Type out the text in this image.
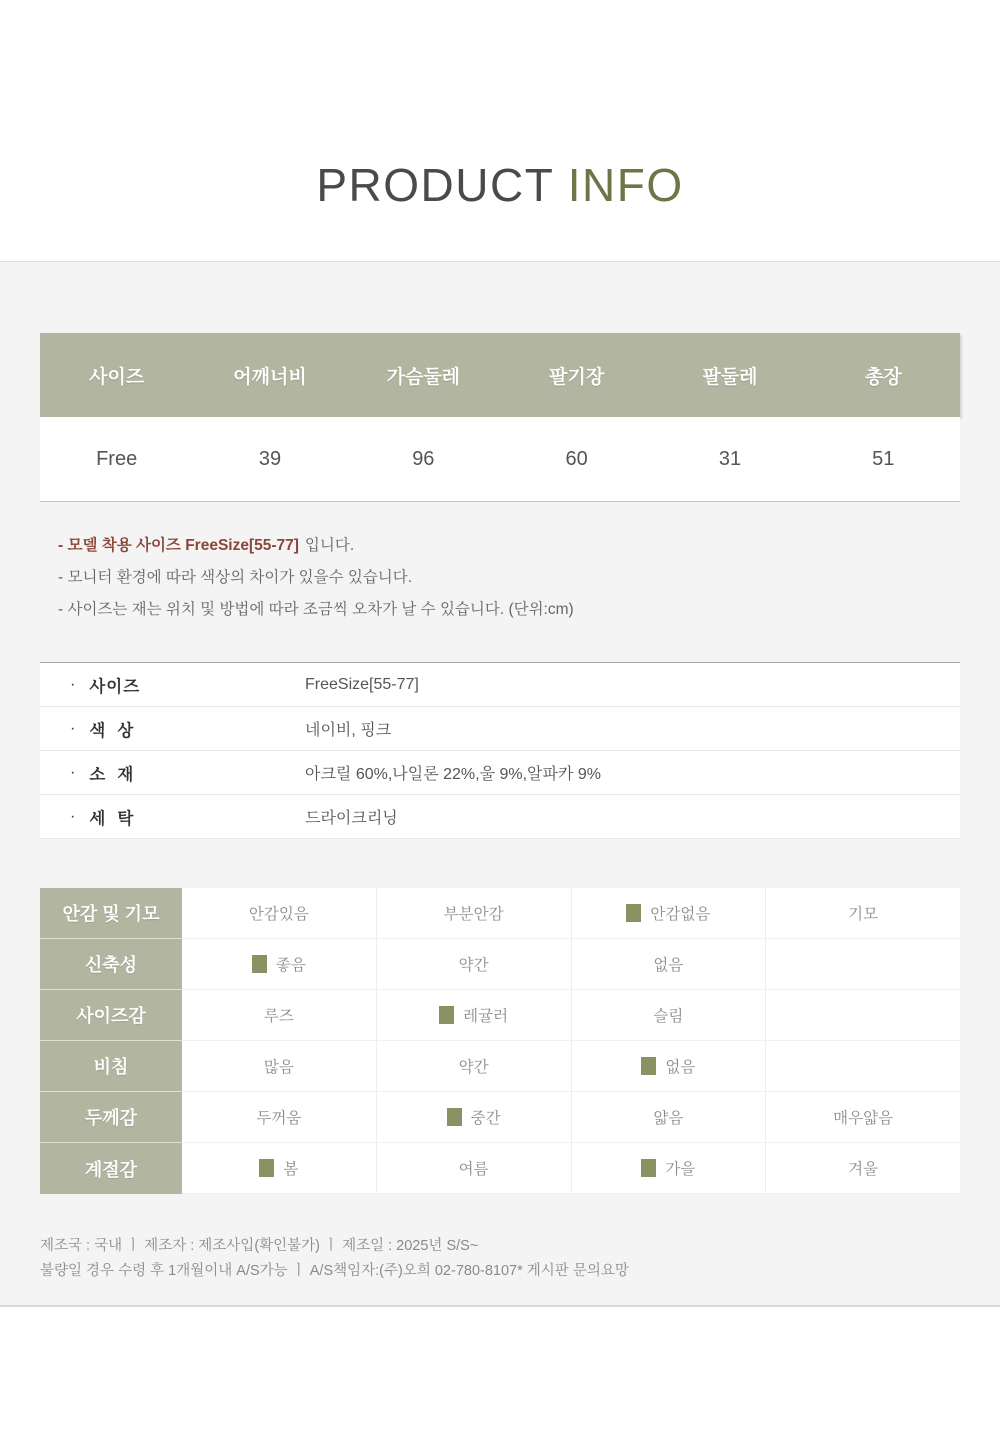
PRODUCT INFO
사이즈	어깨너비	가슴둘레	팔기장	팔둘레	총장
Free	39	96	60	31	51
- 모델 착용 사이즈 FreeSize[55-77] 입니다.
- 모니터 환경에 따라 색상의 차이가 있을수 있습니다.
- 사이즈는 재는 위치 및 방법에 따라 조금씩 오차가 날 수 있습니다. (단위:cm)
· 사이즈	FreeSize[55-77]
· 색  상	네이비, 핑크
· 소  재	아크릴 60%,나일론 22%,울 9%,알파카 9%
· 세  탁	드라이크리닝
안감 및 기모	안감있음	부분안감	안감없음	기모
신축성	좋음	약간	없음
사이즈감	루즈	레귤러	슬림
비침	많음	약간	없음
두께감	두꺼움	중간	얇음	매우얇음
계절감	봄	여름	가을	겨울
제조국 : 국내 ㅣ 제조자 : 제조사입(확인불가) ㅣ 제조일 : 2025년 S/S~
불량일 경우 수령 후 1개월이내 A/S가능 ㅣ A/S책임자:(주)오희 02-780-8107* 게시판 문의요망
